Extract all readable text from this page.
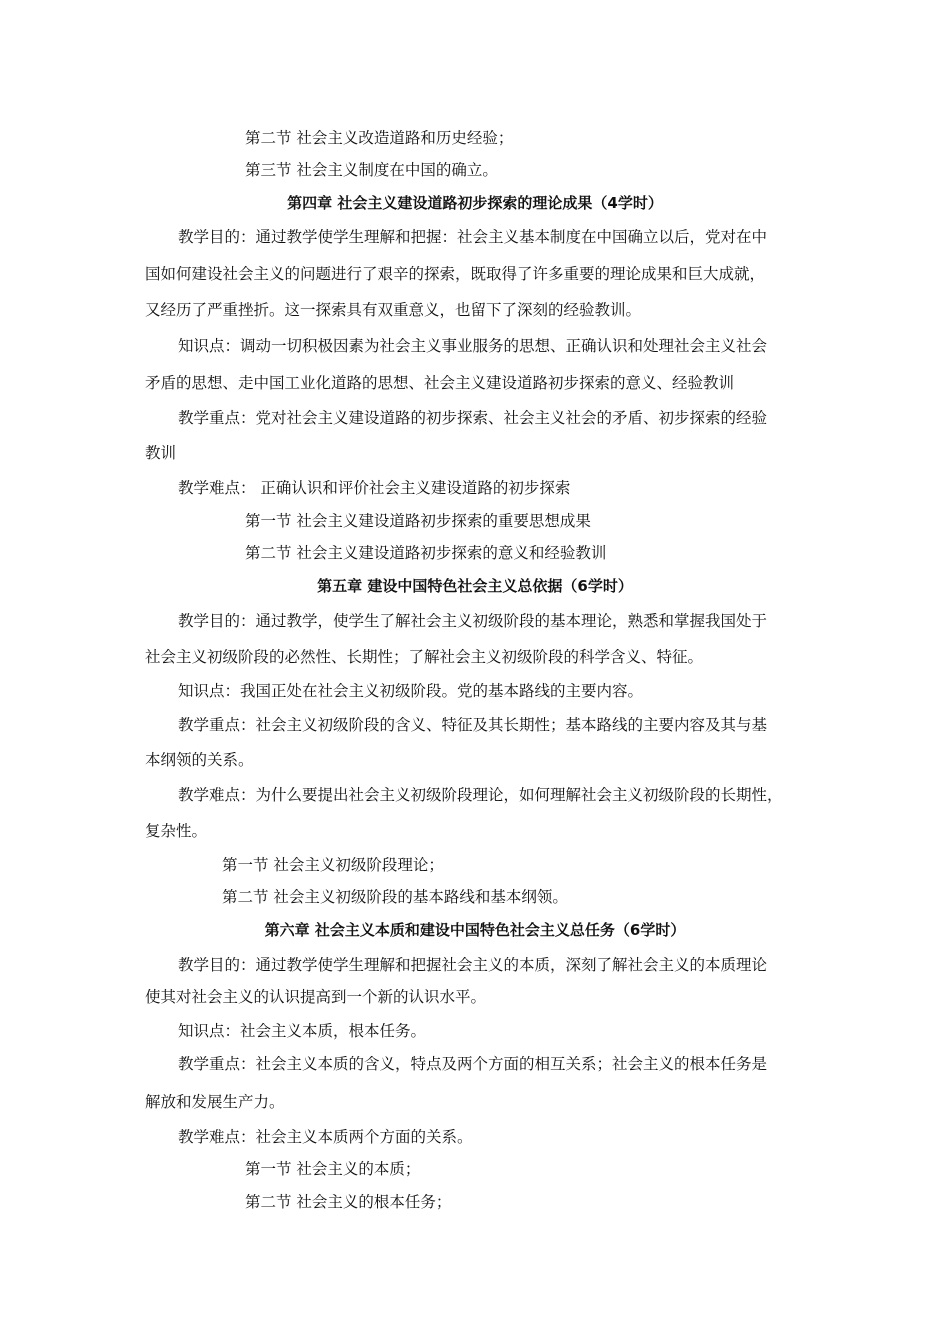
第二节 社会主义改造道路和历史经验；
第三节 社会主义制度在中国的确立。
第四章 社会主义建设道路初步探索的理论成果（4学时）
教学目的：通过教学使学生理解和把握：社会主义基本制度在中国确立以后，党对在中
国如何建设社会主义的问题进行了艰辛的探索，既取得了许多重要的理论成果和巨大成就，
又经历了严重挫折。这一探索具有双重意义，也留下了深刻的经验教训。
知识点：调动一切积极因素为社会主义事业服务的思想、正确认识和处理社会主义社会
矛盾的思想、走中国工业化道路的思想、社会主义建设道路初步探索的意义、经验教训
教学重点：党对社会主义建设道路的初步探索、社会主义社会的矛盾、初步探索的经验
教训
教学难点： 正确认识和评价社会主义建设道路的初步探索
第一节 社会主义建设道路初步探索的重要思想成果
第二节 社会主义建设道路初步探索的意义和经验教训
第五章 建设中国特色社会主义总依据（6学时）
教学目的：通过教学，使学生了解社会主义初级阶段的基本理论，熟悉和掌握我国处于
社会主义初级阶段的必然性、长期性；了解社会主义初级阶段的科学含义、特征。
知识点：我国正处在社会主义初级阶段。党的基本路线的主要内容。
教学重点：社会主义初级阶段的含义、特征及其长期性；基本路线的主要内容及其与基
本纲领的关系。
教学难点：为什么要提出社会主义初级阶段理论，如何理解社会主义初级阶段的长期性，
复杂性。
第一节 社会主义初级阶段理论；
第二节 社会主义初级阶段的基本路线和基本纲领。
第六章 社会主义本质和建设中国特色社会主义总任务（6学时）
教学目的：通过教学使学生理解和把握社会主义的本质，深刻了解社会主义的本质理论
使其对社会主义的认识提高到一个新的认识水平。
知识点：社会主义本质，根本任务。
教学重点：社会主义本质的含义，特点及两个方面的相互关系；社会主义的根本任务是
解放和发展生产力。
教学难点：社会主义本质两个方面的关系。
第一节 社会主义的本质；
第二节 社会主义的根本任务；
